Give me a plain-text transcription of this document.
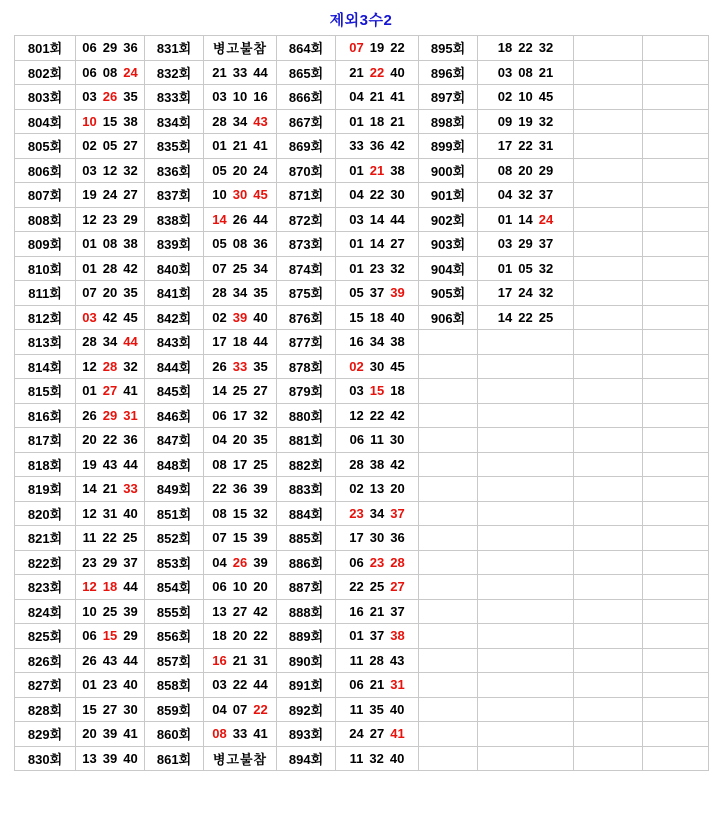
제외3수2
801회	06 29 36	831회	병고불참	864회	07 19 22	895회	18 22 32		
802회	06 08 24	832회	21 33 44	865회	21 22 40	896회	03 08 21		
803회	03 26 35	833회	03 10 16	866회	04 21 41	897회	02 10 45		
804회	10 15 38	834회	28 34 43	867회	01 18 21	898회	09 19 32		
805회	02 05 27	835회	01 21 41	869회	33 36 42	899회	17 22 31		
806회	03 12 32	836회	05 20 24	870회	01 21 38	900회	08 20 29		
807회	19 24 27	837회	10 30 45	871회	04 22 30	901회	04 32 37		
808회	12 23 29	838회	14 26 44	872회	03 14 44	902회	01 14 24		
809회	01 08 38	839회	05 08 36	873회	01 14 27	903회	03 29 37		
810회	01 28 42	840회	07 25 34	874회	01 23 32	904회	01 05 32		
811회	07 20 35	841회	28 34 35	875회	05 37 39	905회	17 24 32		
812회	03 42 45	842회	02 39 40	876회	15 18 40	906회	14 22 25		
813회	28 34 44	843회	17 18 44	877회	16 34 38				
814회	12 28 32	844회	26 33 35	878회	02 30 45				
815회	01 27 41	845회	14 25 27	879회	03 15 18				
816회	26 29 31	846회	06 17 32	880회	12 22 42				
817회	20 22 36	847회	04 20 35	881회	06 11 30				
818회	19 43 44	848회	08 17 25	882회	28 38 42				
819회	14 21 33	849회	22 36 39	883회	02 13 20				
820회	12 31 40	851회	08 15 32	884회	23 34 37				
821회	11 22 25	852회	07 15 39	885회	17 30 36				
822회	23 29 37	853회	04 26 39	886회	06 23 28				
823회	12 18 44	854회	06 10 20	887회	22 25 27				
824회	10 25 39	855회	13 27 42	888회	16 21 37				
825회	06 15 29	856회	18 20 22	889회	01 37 38				
826회	26 43 44	857회	16 21 31	890회	11 28 43				
827회	01 23 40	858회	03 22 44	891회	06 21 31				
828회	15 27 30	859회	04 07 22	892회	11 35 40				
829회	20 39 41	860회	08 33 41	893회	24 27 41				
830회	13 39 40	861회	병고불참	894회	11 32 40				
